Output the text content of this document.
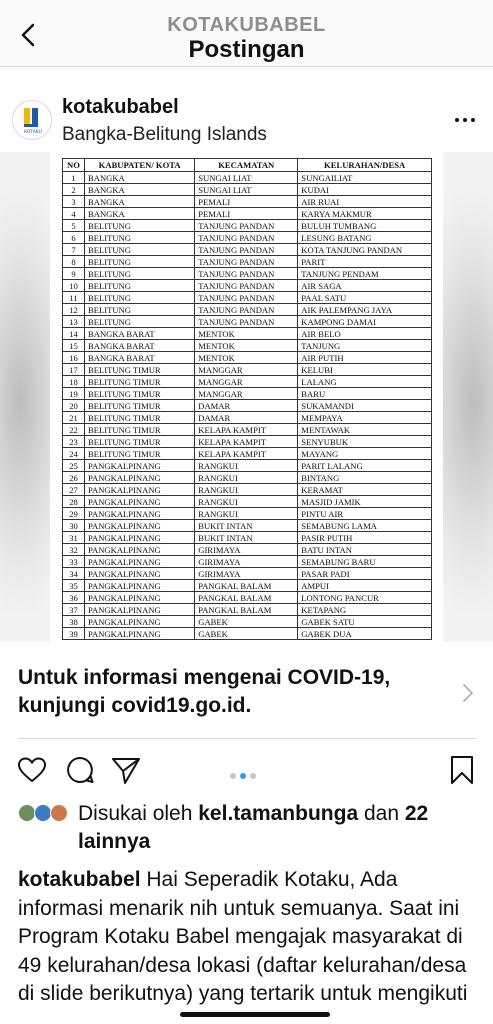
KOTAKUBABEL
Postingan
KOTAKU
kotakubabel
Bangka-Belitung Islands
NO	KABUPATEN/ KOTA	KECAMATAN	KELURAHAN/DESA
1	BANGKA	SUNGAI LIAT	SUNGAILIAT
2	BANGKA	SUNGAI LIAT	KUDAI
3	BANGKA	PEMALI	AIR RUAI
4	BANGKA	PEMALI	KARYA MAKMUR
5	BELITUNG	TANJUNG PANDAN	BULUH TUMBANG
6	BELITUNG	TANJUNG PANDAN	LESUNG BATANG
7	BELITUNG	TANJUNG PANDAN	KOTA TANJUNG PANDAN
8	BELITUNG	TANJUNG PANDAN	PARIT
9	BELITUNG	TANJUNG PANDAN	TANJUNG PENDAM
10	BELITUNG	TANJUNG PANDAN	AIR SAGA
11	BELITUNG	TANJUNG PANDAN	PAAL SATU
12	BELITUNG	TANJUNG PANDAN	AIK PALEMPANG JAYA
13	BELITUNG	TANJUNG PANDAN	KAMPONG DAMAI
14	BANGKA BARAT	MENTOK	AIR BELO
15	BANGKA BARAT	MENTOK	TANJUNG
16	BANGKA BARAT	MENTOK	AIR PUTIH
17	BELITUNG TIMUR	MANGGAR	KELUBI
18	BELITUNG TIMUR	MANGGAR	LALANG
19	BELITUNG TIMUR	MANGGAR	BARU
20	BELITUNG TIMUR	DAMAR	SUKAMANDI
21	BELITUNG TIMUR	DAMAR	MEMPAYA
22	BELITUNG TIMUR	KELAPA KAMPIT	MENTAWAK
23	BELITUNG TIMUR	KELAPA KAMPIT	SENYUBUK
24	BELITUNG TIMUR	KELAPA KAMPIT	MAYANG
25	PANGKALPINANG	RANGKUI	PARIT LALANG
26	PANGKALPINANG	RANGKUI	BINTANG
27	PANGKALPINANG	RANGKUI	KERAMAT
28	PANGKALPINANG	RANGKUI	MASJID JAMIK
29	PANGKALPINANG	RANGKUI	PINTU AIR
30	PANGKALPINANG	BUKIT INTAN	SEMABUNG LAMA
31	PANGKALPINANG	BUKIT INTAN	PASIR PUTIH
32	PANGKALPINANG	GIRIMAYA	BATU INTAN
33	PANGKALPINANG	GIRIMAYA	SEMABUNG BARU
34	PANGKALPINANG	GIRIMAYA	PASAR PADI
35	PANGKALPINANG	PANGKAL BALAM	AMPUI
36	PANGKALPINANG	PANGKAL BALAM	LONTONG PANCUR
37	PANGKALPINANG	PANGKAL BALAM	KETAPANG
38	PANGKALPINANG	GABEK	GABEK SATU
39	PANGKALPINANG	GABEK	GABEK DUA
Untuk informasi mengenai COVID-19, kunjungi covid19.go.id.
Disukai oleh kel.tamanbunga dan 22 lainnya
kotakubabel Hai Seperadik Kotaku, Ada informasi menarik nih untuk semuanya. Saat ini Program Kotaku Babel mengajak masyarakat di 49 kelurahan/desa lokasi (daftar kelurahan/desa di slide berikutnya) yang tertarik untuk mengikuti
